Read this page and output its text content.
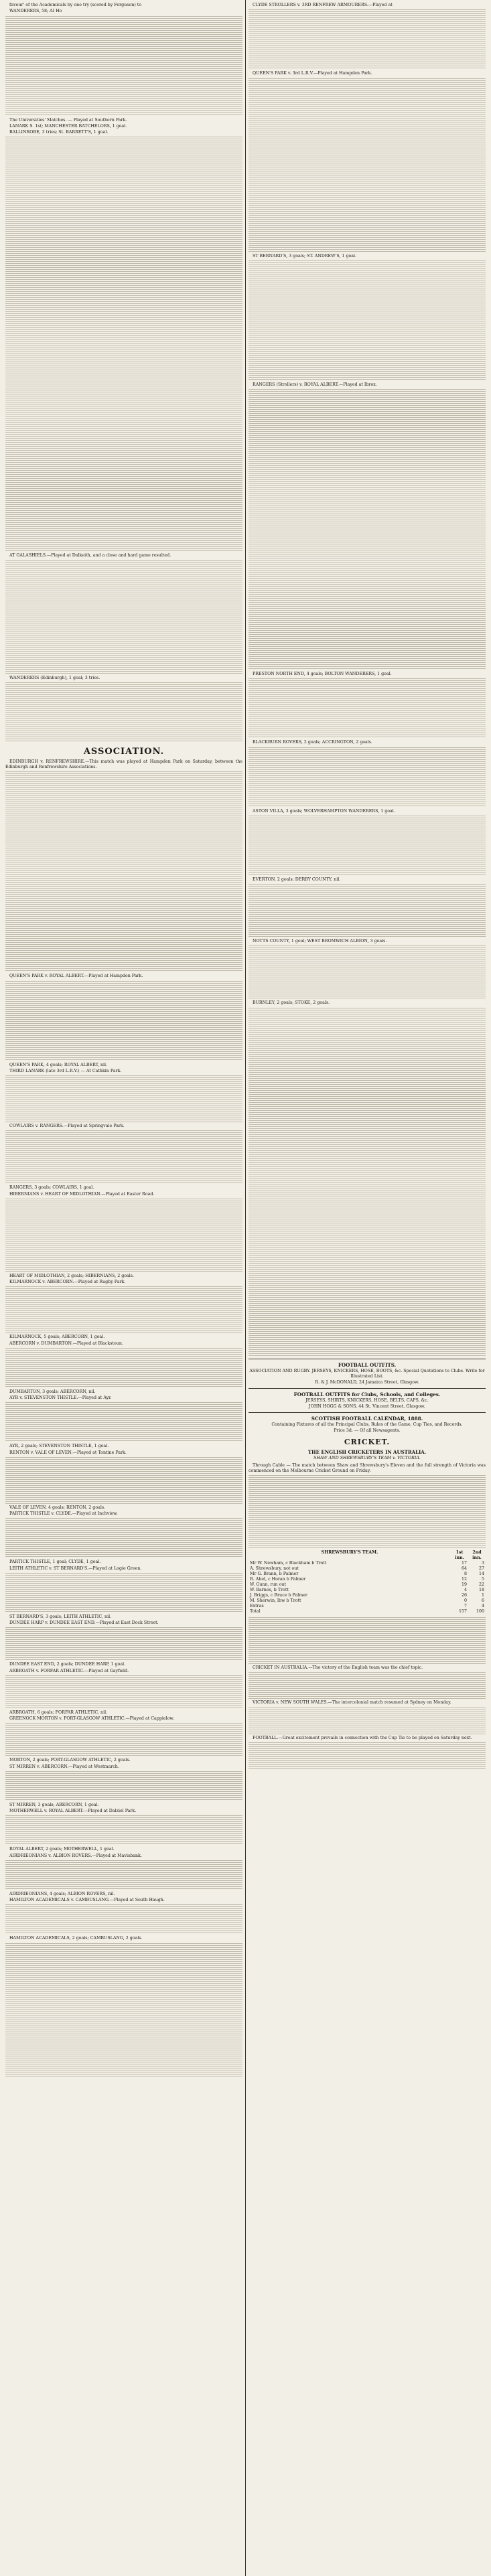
favour' of the Academicals by one try (scored by Ferguson) to

WANDERERS, 58; AI Ho

The Universities' Matches. — Played at Southern Park.

LANARK S. 1st; MANCHESTER BATCHELORS, 1 goal.

BALLINROBE, 3 tries; St. BARRETT'S, 1 goal.

AT GALASHIELS.—Played at Dalkeith, and a close and hard game resulted.

WANDERERS (Edinburgh), 1 goal; 3 tries.

ASSOCIATION.

EDINBURGH v. RENFREWSHIRE.—This match was played at Hampden Park on Saturday, between the Edinburgh and Renfrewshire Associations.

QUEEN'S PARK v. ROYAL ALBERT.—Played at Hampden Park.

QUEEN'S PARK, 4 goals; ROYAL ALBERT, nil.

THIRD LANARK (late 3rd L.R.V.) — At Cathkin Park.

COWLAIRS v. RANGERS.—Played at Springvale Park.

RANGERS, 3 goals; COWLAIRS, 1 goal.

HIBERNIANS v. HEART OF MIDLOTHIAN.—Played at Easter Road.

HEART OF MIDLOTHIAN, 2 goals; HIBERNIANS, 2 goals.

KILMARNOCK v. ABERCORN.—Played at Rugby Park.

KILMARNOCK, 5 goals; ABERCORN, 1 goal.

ABERCORN v. DUMBARTON.—Played at Blackstoun.

DUMBARTON, 3 goals; ABERCORN, nil.

AYR v. STEVENSTON THISTLE.—Played at Ayr.

AYR, 2 goals; STEVENSTON THISTLE, 1 goal.

RENTON v. VALE OF LEVEN.—Played at Tontine Park.

VALE OF LEVEN, 4 goals; RENTON, 2 goals.

PARTICK THISTLE v. CLYDE.—Played at Inchview.

PARTICK THISTLE, 1 goal; CLYDE, 1 goal.

LEITH ATHLETIC v. ST BERNARD'S.—Played at Logie Green.

ST BERNARD'S, 3 goals; LEITH ATHLETIC, nil.

DUNDEE HARP v. DUNDEE EAST END.—Played at East Dock Street.

DUNDEE EAST END, 2 goals; DUNDEE HARP, 1 goal.

ARBROATH v. FORFAR ATHLETIC.—Played at Gayfield.

ARBROATH, 6 goals; FORFAR ATHLETIC, nil.

GREENOCK MORTON v. PORT-GLASGOW ATHLETIC.—Played at Cappielow.

MORTON, 2 goals; PORT-GLASGOW ATHLETIC, 2 goals.

ST MIRREN v. ABERCORN.—Played at Westmarch.

ST MIRREN, 3 goals; ABERCORN, 1 goal.

MOTHERWELL v. ROYAL ALBERT.—Played at Dalziel Park.

ROYAL ALBERT, 2 goals; MOTHERWELL, 1 goal.

AIRDRIEONIANS v. ALBION ROVERS.—Played at Mavisbank.

AIRDRIEONIANS, 4 goals; ALBION ROVERS, nil.

HAMILTON ACADEMICALS v. CAMBUSLANG.—Played at South Haugh.

HAMILTON ACADEMICALS, 2 goals; CAMBUSLANG, 2 goals.

CLYDE STROLLERS v. 3RD RENFREW ARMOURERS.—Played at

QUEEN'S PARK v. 3rd L.R.V.—Played at Hampden Park.

ST BERNARD'S, 3 goals; ST. ANDREW'S, 1 goal.

RANGERS (Strollers) v. ROYAL ALBERT.—Played at Ibrox.

PRESTON NORTH END, 4 goals; BOLTON WANDERERS, 1 goal.

BLACKBURN ROVERS, 2 goals; ACCRINGTON, 2 goals.

ASTON VILLA, 3 goals; WOLVERHAMPTON WANDERERS, 1 goal.

EVERTON, 2 goals; DERBY COUNTY, nil.

NOTTS COUNTY, 1 goal; WEST BROMWICH ALBION, 3 goals.

BURNLEY, 2 goals; STOKE, 2 goals.

FOOTBALL OUTFITS.
ASSOCIATION AND RUGBY. JERSEYS, KNICKERS, HOSE, BOOTS, &c. Special Quotations to Clubs. Write for Illustrated List.
R. & J. McDONALD, 24 Jamaica Street, Glasgow.
FOOTBALL OUTFITS for Clubs, Schools, and Colleges.
JERSEYS, SHIRTS, KNICKERS, HOSE, BELTS, CAPS, &c.
JOHN HOGG & SONS, 44 St. Vincent Street, Glasgow.
SCOTTISH FOOTBALL CALENDAR, 1888.
Containing Fixtures of all the Principal Clubs, Rules of the Game, Cup Ties, and Records.
Price 3d. — Of all Newsagents.
CRICKET.
THE ENGLISH CRICKETERS IN AUSTRALIA.
SHAW AND SHREWSBURY'S TEAM v. VICTORIA.

Through Cable — The match between Shaw and Shrewsbury's Eleven and the full strength of Victoria was commenced on the Melbourne Cricket Ground on Friday.

SHREWSBURY'S TEAM.	1st inn.	2nd inn.
Mr W. Newham, c Blackham b Trott	17	3
A. Shrewsbury, not out	64	27
Mr G. Brann, b Palmer	8	14
R. Abel, c Horan b Palmer	12	5
W. Gunn, run out	19	22
W. Barnes, b Trott	4	18
J. Briggs, c Bruce b Palmer	26	1
M. Sherwin, lbw b Trott	0	6
Extras	7	4
Total	157	100

CRICKET IN AUSTRALIA.—The victory of the English team was the chief topic.

VICTORIA v. NEW SOUTH WALES.—The intercolonial match resumed at Sydney on Monday.

FOOTBALL.—Great excitement prevails in connection with the Cup Tie to be played on Saturday next.
